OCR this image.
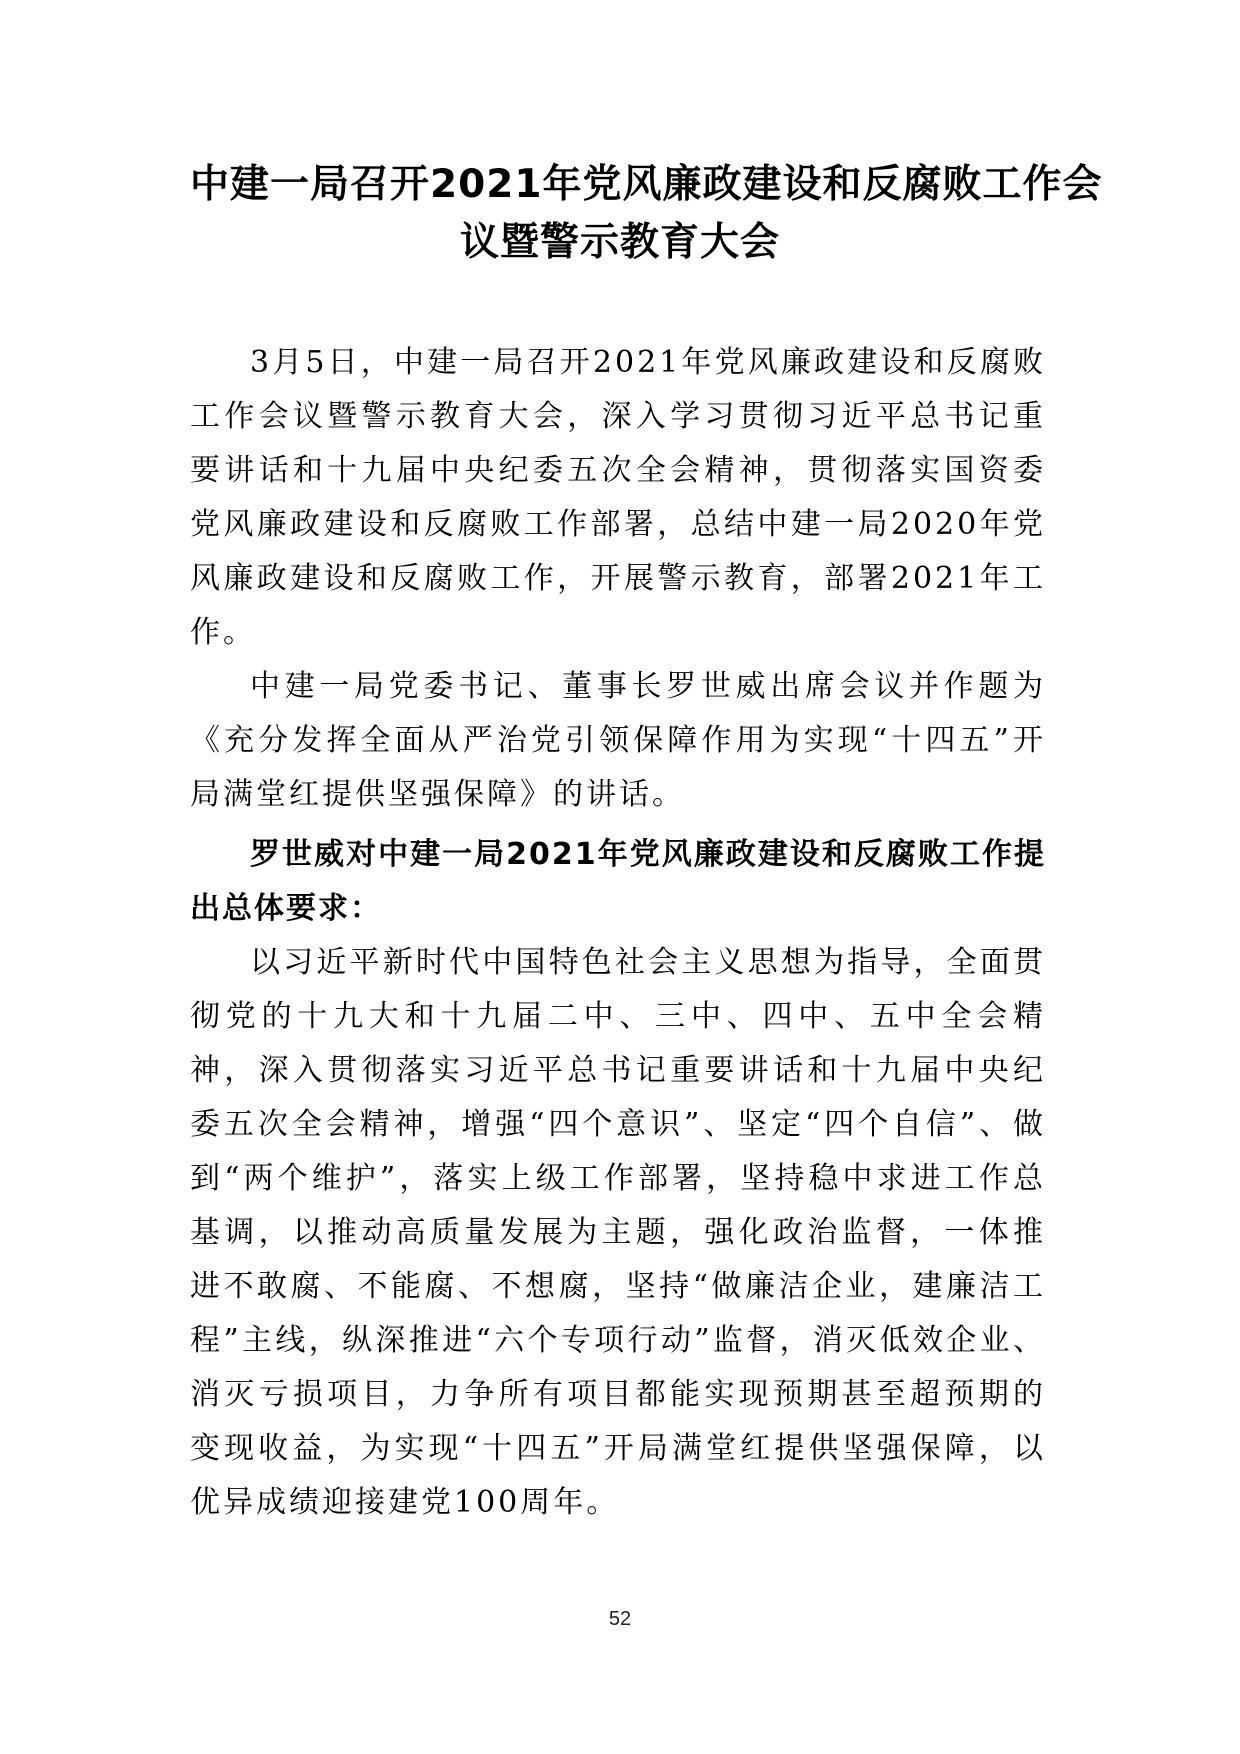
中建一局召开2021年党风廉政建设和反腐败工作会
议暨警示教育大会

3月5日，中建一局召开2021年党风廉政建设和反腐败工作会议暨警示教育大会，深入学习贯彻习近平总书记重要讲话和十九届中央纪委五次全会精神，贯彻落实国资委党风廉政建设和反腐败工作部署，总结中建一局2020年党风廉政建设和反腐败工作，开展警示教育，部署2021年工作。

中建一局党委书记、董事长罗世威出席会议并作题为《充分发挥全面从严治党引领保障作用为实现“十四五”开局满堂红提供坚强保障》的讲话。

罗世威对中建一局2021年党风廉政建设和反腐败工作提出总体要求：

以习近平新时代中国特色社会主义思想为指导，全面贯彻党的十九大和十九届二中、三中、四中、五中全会精神，深入贯彻落实习近平总书记重要讲话和十九届中央纪委五次全会精神，增强“四个意识”、坚定“四个自信”、做到“两个维护”，落实上级工作部署，坚持稳中求进工作总基调，以推动高质量发展为主题，强化政治监督，一体推进不敢腐、不能腐、不想腐，坚持“做廉洁企业，建廉洁工程”主线，纵深推进“六个专项行动”监督，消灭低效企业、消灭亏损项目，力争所有项目都能实现预期甚至超预期的变现收益，为实现“十四五”开局满堂红提供坚强保障，以优异成绩迎接建党100周年。

52
